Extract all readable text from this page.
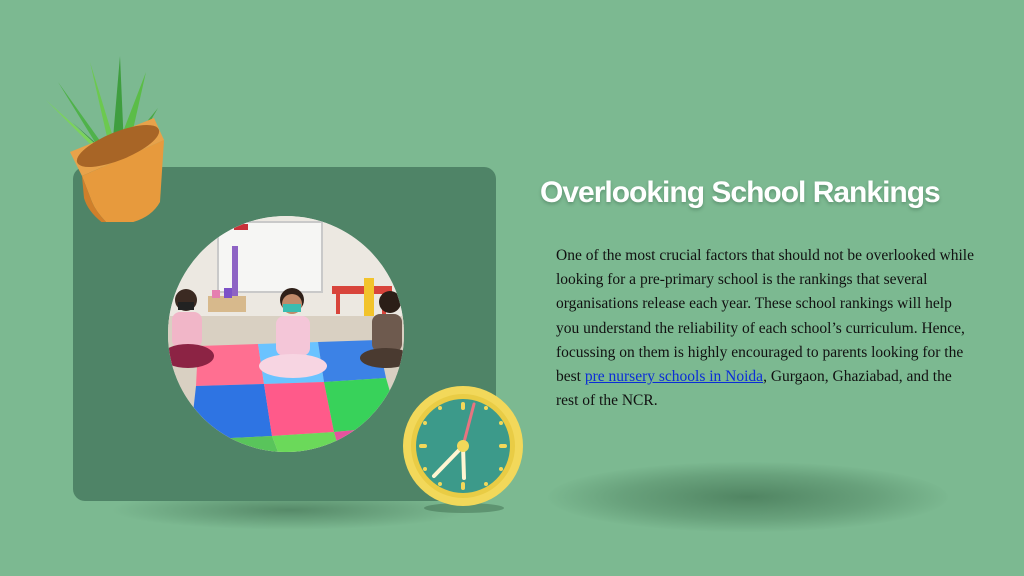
Overlooking School Rankings

One of the most crucial factors that should not be overlooked while looking for a pre-primary school is the rankings that several organisations release each year. These school rankings will help you understand the reliability of each school’s curriculum. Hence, focussing on them is highly encouraged to parents looking for the best pre nursery schools in Noida, Gurgaon, Ghaziabad, and the rest of the NCR.
